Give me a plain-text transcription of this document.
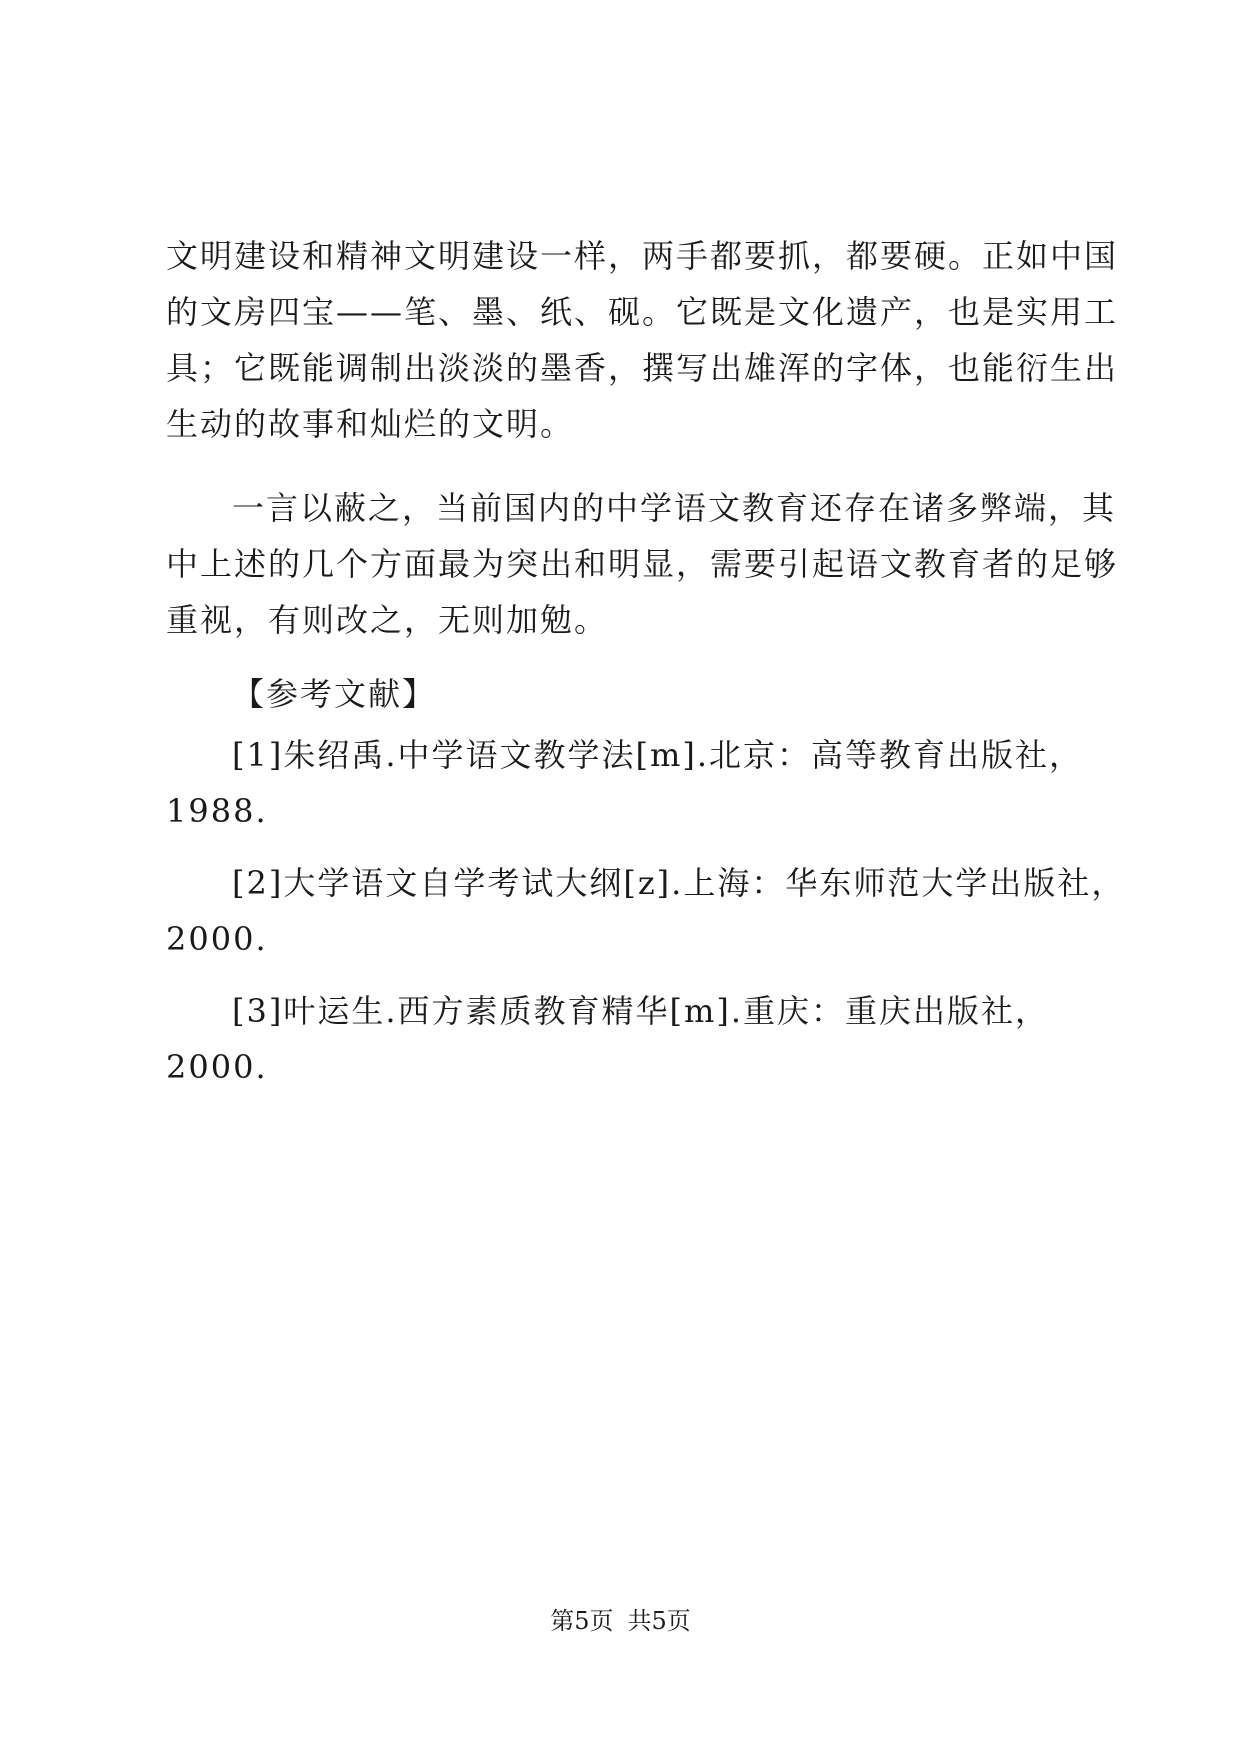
文明建设和精神文明建设一样，两手都要抓，都要硬。正如中国
的文房四宝——笔、墨、纸、砚。它既是文化遗产，也是实用工
具；它既能调制出淡淡的墨香，撰写出雄浑的字体，也能衍生出
生动的故事和灿烂的文明。
一言以蔽之，当前国内的中学语文教育还存在诸多弊端，其
中上述的几个方面最为突出和明显，需要引起语文教育者的足够
重视，有则改之，无则加勉。
【参考文献】
[1]朱绍禹.中学语文教学法[m].北京：高等教育出版社，
1988.
[2]大学语文自学考试大纲[z].上海：华东师范大学出版社，
2000.
[3]叶运生.西方素质教育精华[m].重庆：重庆出版社，
2000.
第5页 共5页
